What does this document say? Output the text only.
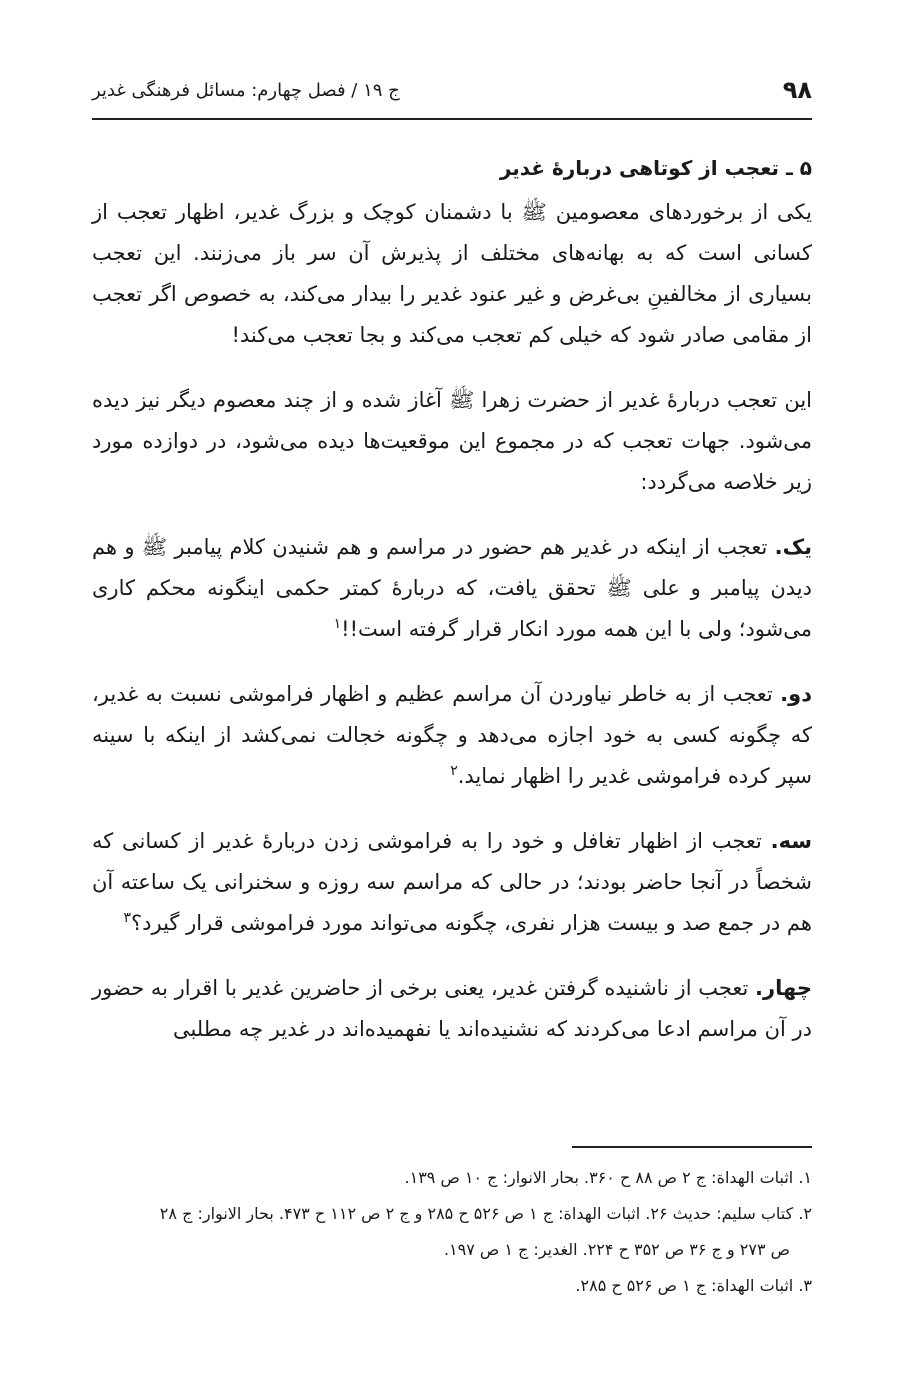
۹۸
ج ۱۹ / فصل چهارم: مسائل فرهنگی غدیر
۵ ـ تعجب از کوتاهی دربارۀ غدیر

یکی از برخوردهای معصومین ﷺ با دشمنان کوچک و بزرگ غدیر، اظهار تعجب از کسانی است که به بهانه‌های مختلف از پذیرش آن سر باز می‌زنند. این تعجب بسیاری از مخالفینِ بی‌غرض و غیر عنود غدیر را بیدار می‌کند، به خصوص اگر تعجب از مقامی صادر شود که خیلی کم تعجب می‌کند و بجا تعجب می‌کند!

این تعجب دربارۀ غدیر از حضرت زهرا ﷺ آغاز شده و از چند معصوم دیگر نیز دیده می‌شود. جهات تعجب که در مجموع این موقعیت‌ها دیده می‌شود، در دوازده مورد زیر خلاصه می‌گردد:

یک. تعجب از اینکه در غدیر هم حضور در مراسم و هم شنیدن کلام پیامبر ﷺ و هم دیدن پیامبر و علی ﷺ تحقق یافت، که دربارۀ کمتر حکمی اینگونه محکم کاری می‌شود؛ ولی با این همه مورد انکار قرار گرفته است!!$^۱$

دو. تعجب از به خاطر نیاوردن آن مراسم عظیم و اظهار فراموشی نسبت به غدیر، که چگونه کسی به خود اجازه می‌دهد و چگونه خجالت نمی‌کشد از اینکه با سینه سپر کرده فراموشی غدیر را اظهار نماید.$^۲$

سه. تعجب از اظهار تغافل و خود را به فراموشی زدن دربارۀ غدیر از کسانی که شخصاً در آنجا حاضر بودند؛ در حالی که مراسم سه روزه و سخنرانی یک ساعته آن هم در جمع صد و بیست هزار نفری، چگونه می‌تواند مورد فراموشی قرار گیرد؟$^۳$

چهار. تعجب از ناشنیده گرفتن غدیر، یعنی برخی از حاضرین غدیر با اقرار به حضور در آن مراسم ادعا می‌کردند که نشنیده‌اند یا نفهمیده‌اند در غدیر چه مطلبی

۱. اثبات الهداة: ج ۲ ص ۸۸ ح ۳۶۰. بحار الانوار: ج ۱۰ ص ۱۳۹.

۲. کتاب سلیم: حدیث ۲۶. اثبات الهداة: ج ۱ ص ۵۲۶ ح ۲۸۵ و ج ۲ ص ۱۱۲ ح ۴۷۳. بحار الانوار: ج ۲۸

ص ۲۷۳ و ج ۳۶ ص ۳۵۲ ح ۲۲۴. الغدیر: ج ۱ ص ۱۹۷.

۳. اثبات الهداة: ج ۱ ص ۵۲۶ ح ۲۸۵.
